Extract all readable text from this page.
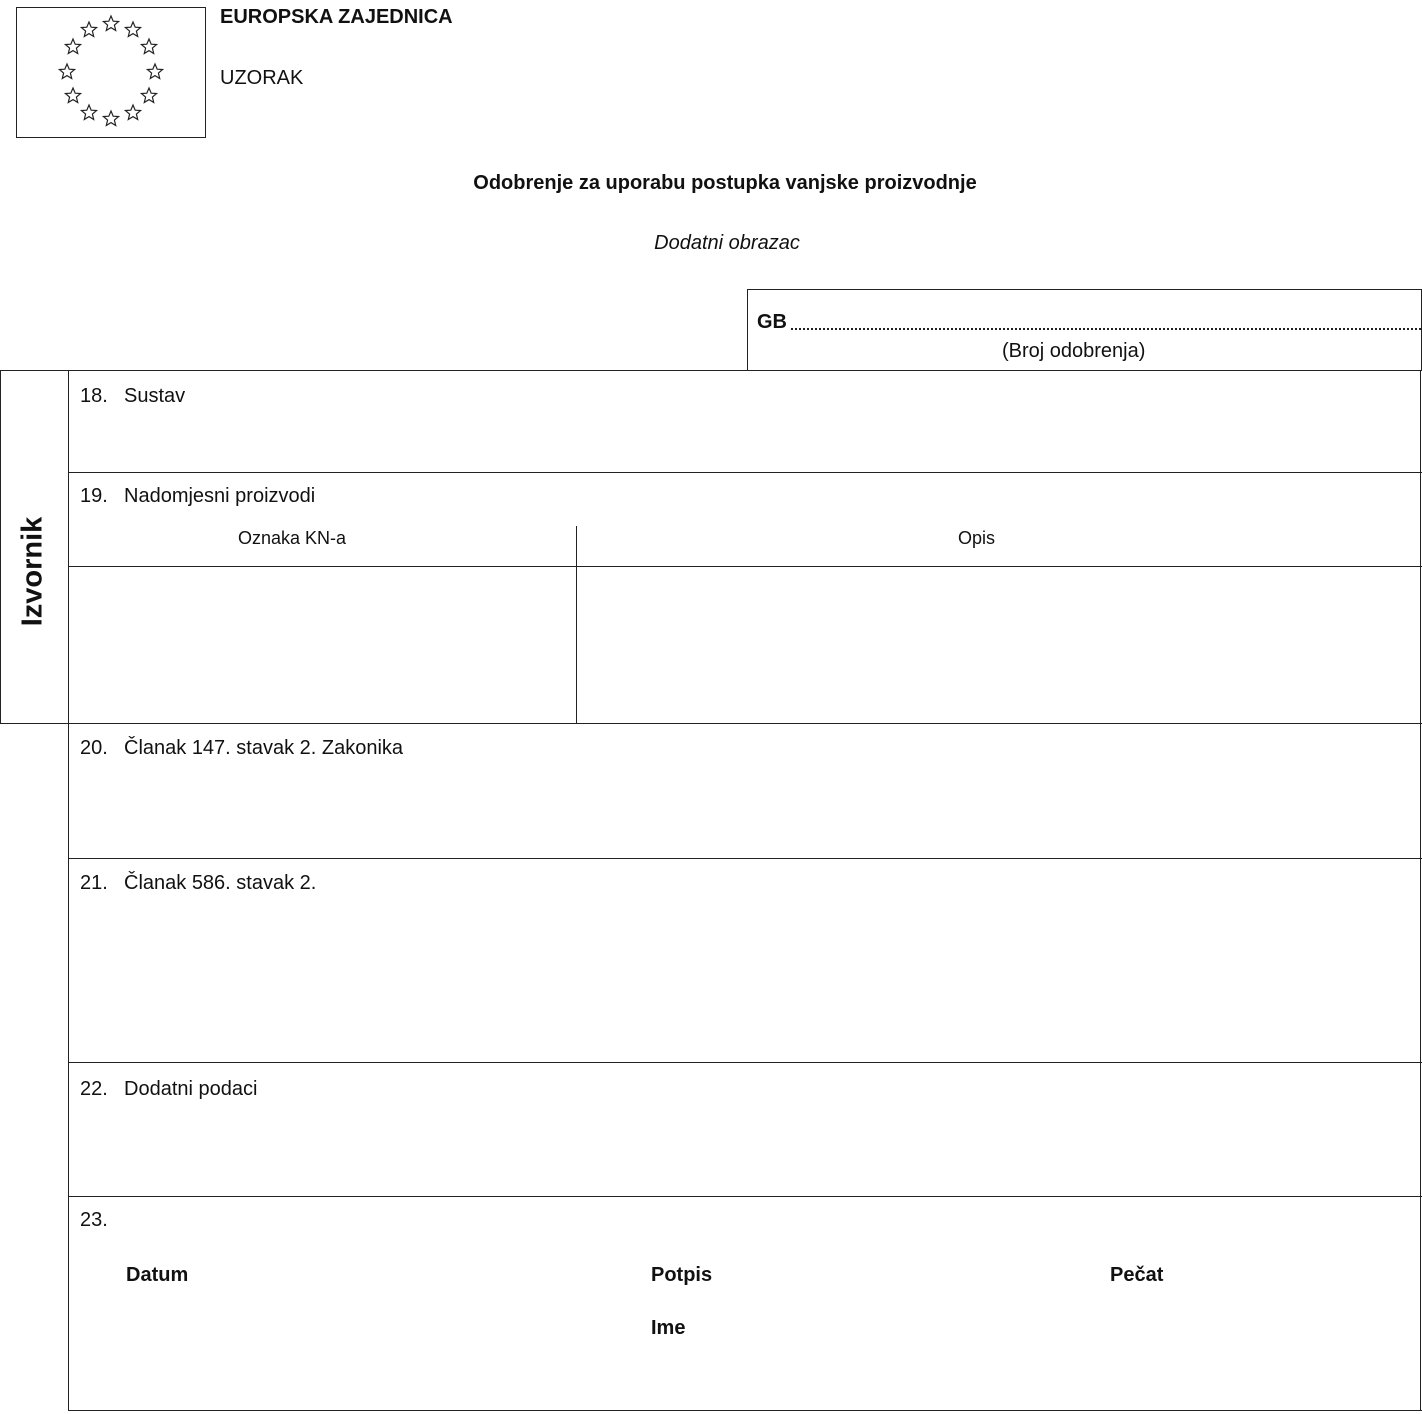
EUROPSKA ZAJEDNICA
UZORAK
Odobrenje za uporabu postupka vanjske proizvodnje
Dodatni obrazac
GB
(Broj odobrenja)
Izvornik
18. Sustav
19. Nadomjesni proizvodi
Oznaka KN-a	Opis
20. Članak 147. stavak 2. Zakonika
21. Članak 586. stavak 2.
22. Dodatni podaci
23.
Datum	Potpis	Pečat
Ime
